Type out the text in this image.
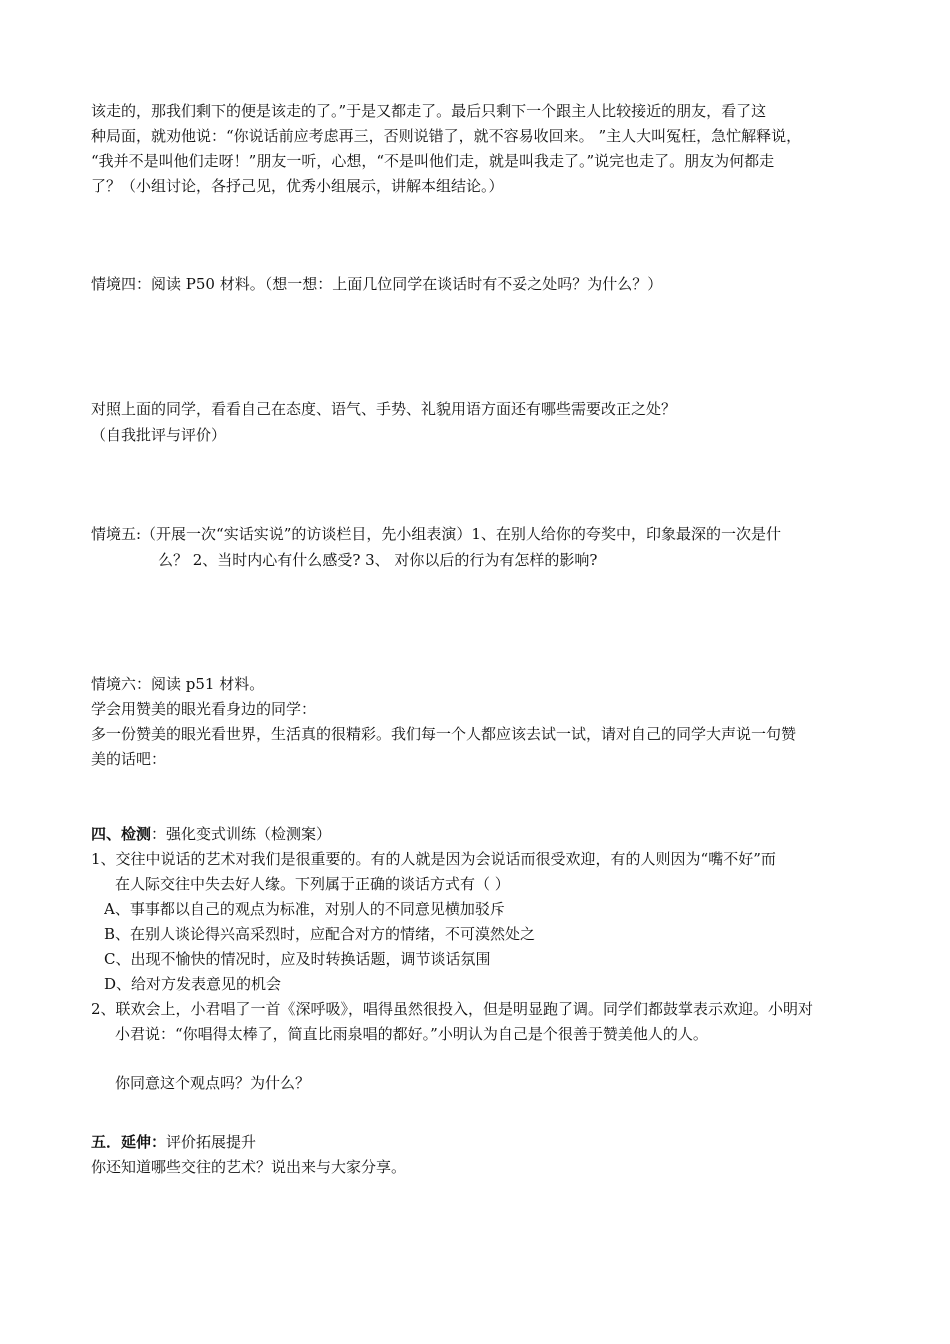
该走的，那我们剩下的便是该走的了。”于是又都走了。最后只剩下一个跟主人比较接近的朋友，看了这
种局面，就劝他说：“你说话前应考虑再三，否则说错了，就不容易收回来。 ”主人大叫冤枉，急忙解释说，
“我并不是叫他们走呀！”朋友一听，心想，“不是叫他们走，就是叫我走了。”说完也走了。朋友为何都走
了？（小组讨论，各抒己见，优秀小组展示，讲解本组结论。）
情境四：阅读 P50 材料。（想一想：上面几位同学在谈话时有不妥之处吗？为什么？）
对照上面的同学，看看自己在态度、语气、手势、礼貌用语方面还有哪些需要改正之处？
（自我批评与评价）
情境五:（开展一次“实话实说”的访谈栏目，先小组表演）1、在别人给你的夸奖中，印象最深的一次是什
么？ 2、当时内心有什么感受? 3、 对你以后的行为有怎样的影响?
情境六：阅读 p51 材料。
学会用赞美的眼光看身边的同学：
多一份赞美的眼光看世界，生活真的很精彩。我们每一个人都应该去试一试，请对自己的同学大声说一句赞
美的话吧：
四、检测：强化变式训练（检测案）
1、交往中说话的艺术对我们是很重要的。有的人就是因为会说话而很受欢迎，有的人则因为“嘴不好”而
在人际交往中失去好人缘。下列属于正确的谈话方式有（ ）
A、事事都以自己的观点为标准，对别人的不同意见横加驳斥
B、在别人谈论得兴高采烈时，应配合对方的情绪，不可漠然处之
C、出现不愉快的情况时，应及时转换话题，调节谈话氛围
D、给对方发表意见的机会
2、联欢会上，小君唱了一首《深呼吸》，唱得虽然很投入，但是明显跑了调。同学们都鼓掌表示欢迎。小明对
小君说：“你唱得太棒了，简直比雨泉唱的都好。”小明认为自己是个很善于赞美他人的人。
你同意这个观点吗？为什么？
五．延伸：评价拓展提升
你还知道哪些交往的艺术？说出来与大家分享。
